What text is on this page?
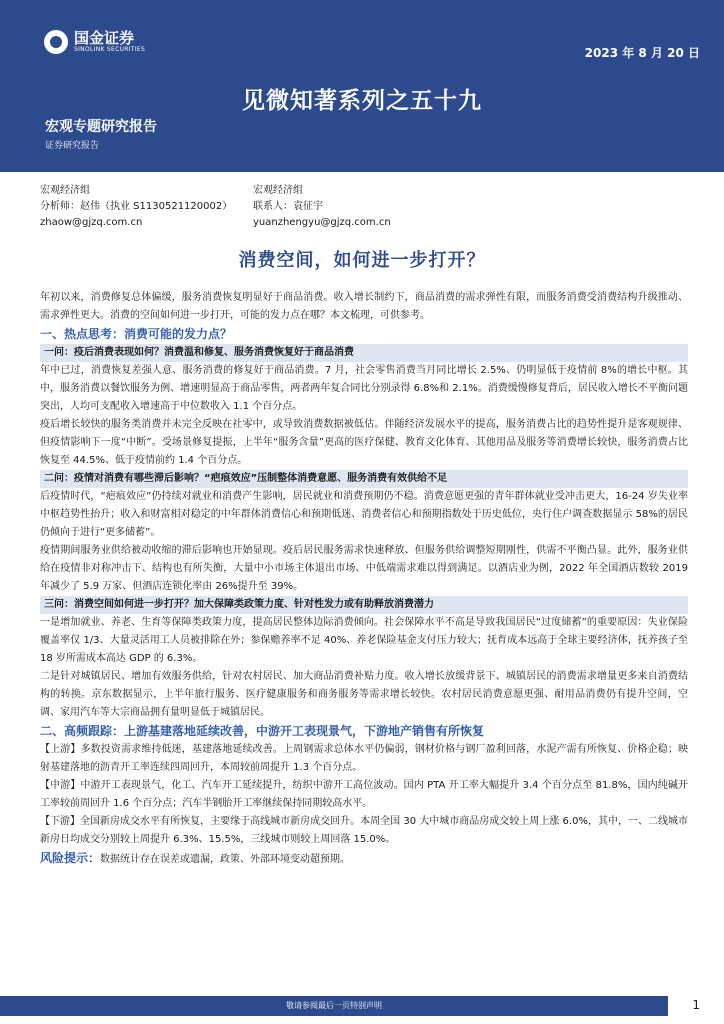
国金证券
SINOLINK SECURITIES	2023 年 8 月 20 日
见微知著系列之五十九
宏观专题研究报告
证券研究报告
宏观经济组
分析师：赵伟（执业 S1130521120002）
zhaow@gjzq.com.cn
宏观经济组
联系人：袁征宇
yuanzhengyu@gjzq.com.cn
消费空间，如何进一步打开？

年初以来，消费修复总体偏缓，服务消费恢复明显好于商品消费。收入增长制约下，商品消费的需求弹性有限，而服务消费受消费结构升级推动、需求弹性更大。消费的空间如何进一步打开，可能的发力点在哪？本文梳理，可供参考。

一、热点思考：消费可能的发力点？

一问：疫后消费表现如何？消费温和修复、服务消费恢复好于商品消费

年中已过，消费恢复差强人意、服务消费的修复好于商品消费。7 月，社会零售消费当月同比增长 2.5%、仍明显低于疫情前 8%的增长中枢。其中，服务消费以餐饮服务为例、增速明显高于商品零售，两者两年复合同比分别录得 6.8%和 2.1%。消费缓慢修复背后，居民收入增长不平衡问题突出，人均可支配收入增速高于中位数收入 1.1 个百分点。

疫后增长较快的服务类消费并未完全反映在社零中，或导致消费数据被低估。伴随经济发展水平的提高，服务消费占比的趋势性提升是客观规律、但疫情影响下一度“中断”。受场景修复提振，上半年“服务含量”更高的医疗保健、教育文化体育、其他用品及服务等消费增长较快，服务消费占比恢复至 44.5%、低于疫情前约 1.4 个百分点。

二问：疫情对消费有哪些滞后影响？“疤痕效应”压制整体消费意愿、服务消费有效供给不足

后疫情时代，“疤痕效应”仍持续对就业和消费产生影响，居民就业和消费预期仍不稳。消费意愿更强的青年群体就业受冲击更大，16-24 岁失业率中枢趋势性抬升；收入和财富相对稳定的中年群体消费信心和预期低迷、消费者信心和预期指数处于历史低位，央行住户调查数据显示 58%的居民仍倾向于进行“更多储蓄”。

疫情期间服务业供给被动收缩的滞后影响也开始显现。疫后居民服务需求快速释放、但服务供给调整短期刚性，供需不平衡凸显。此外，服务业供给在疫情非对称冲击下、结构也有所失衡，大量中小市场主体退出市场、中低端需求难以得到满足。以酒店业为例，2022 年全国酒店数较 2019 年减少了 5.9 万家、但酒店连锁化率由 26%提升至 39%。

三问：消费空间如何进一步打开？加大保障类政策力度、针对性发力或有助释放消费潜力

一是增加就业、养老、生育等保障类政策力度，提高居民整体边际消费倾向。社会保障水平不高是导致我国居民“过度储蓄”的重要原因：失业保险覆盖率仅 1/3、大量灵活用工人员被排除在外；参保赡养率不足 40%、养老保险基金支付压力较大；抚育成本远高于全球主要经济体，抚养孩子至 18 岁所需成本高达 GDP 的 6.3%。

二是针对城镇居民、增加有效服务供给，针对农村居民、加大商品消费补贴力度。收入增长放缓背景下、城镇居民的消费需求增量更多来自消费结构的转换。京东数据显示，上半年旅行服务、医疗健康服务和商务服务等需求增长较快。农村居民消费意愿更强、耐用品消费仍有提升空间，空调、家用汽车等大宗商品拥有量明显低于城镇居民。

二、高频跟踪：上游基建落地延续改善，中游开工表现景气，下游地产销售有所恢复

【上游】多数投资需求维持低迷，基建落地延续改善。上周钢需求总体水平仍偏弱，钢材价格与钢厂盈利回落，水泥产需有所恢复、价格企稳；映射基建落地的沥青开工率连续四周回升，本周较前周提升 1.3 个百分点。

【中游】中游开工表现景气，化工、汽车开工延续提升，纺织中游开工高位波动。国内 PTA 开工率大幅提升 3.4 个百分点至 81.8%，国内纯碱开工率较前周回升 1.6 个百分点；汽车半钢胎开工率继续保持同期较高水平。

【下游】全国新房成交水平有所恢复，主要缘于高线城市新房成交回升。本周全国 30 大中城市商品房成交较上周上涨 6.0%，其中，一、二线城市新房日均成交分别较上周提升 6.3%、15.5%，三线城市则较上周回落 15.0%。

风险提示：数据统计存在误差或遗漏，政策、外部环境变动超预期。

敬请参阅最后一页特别声明	1
